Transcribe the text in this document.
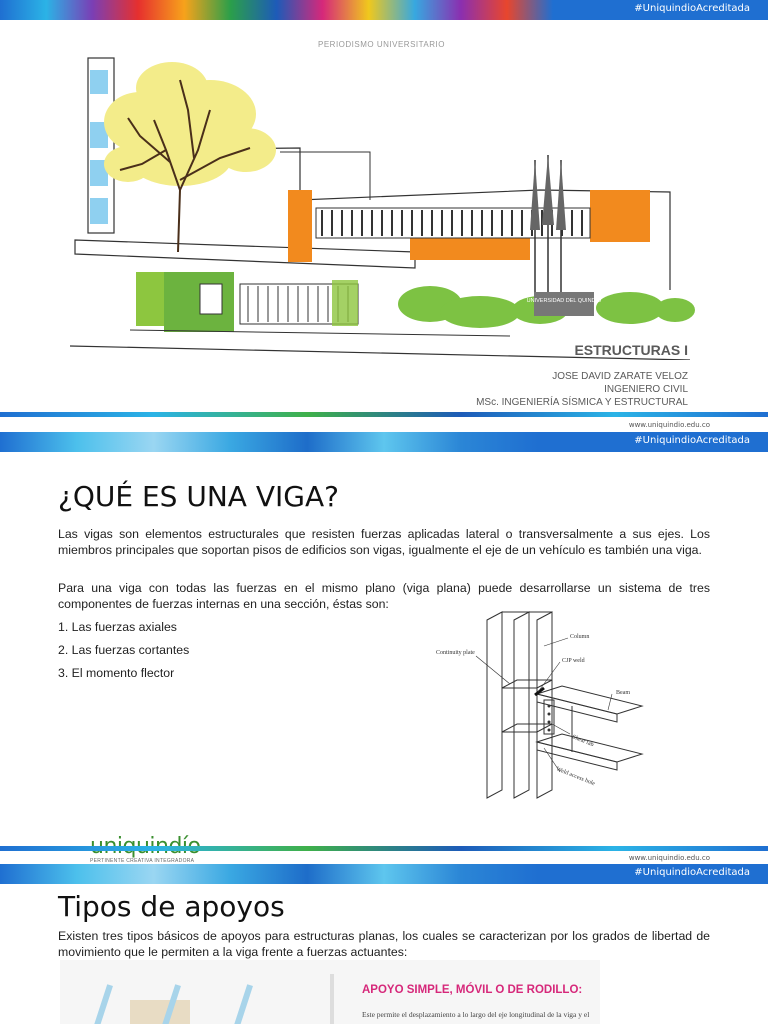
#UniquindioAcreditada
PERIODISMO UNIVERSITARIO
UNIVERSIDAD DEL QUINDÍO
ESTRUCTURAS I
JOSE DAVID ZARATE VELOZ
INGENIERO CIVIL
MSc. INGENIERÍA SÍSMICA Y ESTRUCTURAL
www.uniquindio.edu.co
#UniquindioAcreditada
¿QUÉ ES UNA VIGA?

Las vigas son elementos estructurales que resisten fuerzas aplicadas lateral o transversalmente a sus ejes. Los miembros principales que soportan pisos de edificios son vigas, igualmente el eje de un vehículo es también una viga.

Para una viga con todas las fuerzas en el mismo plano (viga plana) puede desarrollarse un sistema de tres componentes de fuerzas internas en una sección, éstas son:

1. Las fuerzas axiales
2. Las fuerzas cortantes
3. El momento flector
Continuity plate
Column
CJP weld
Beam
Shear tab
Weld access hole
PERTINENTE CREATIVA INTEGRADORA	www.uniquindio.edu.co
#UniquindioAcreditada
Tipos de apoyos

Existen tres tipos básicos de apoyos para estructuras planas, los cuales se caracterizan por los grados de libertad de movimiento que le permiten a la viga frente a fuerzas actuantes:

APOYO SIMPLE, MÓVIL O DE RODILLO:
Este permite el desplazamiento a lo largo del eje longitudinal de la viga y el
